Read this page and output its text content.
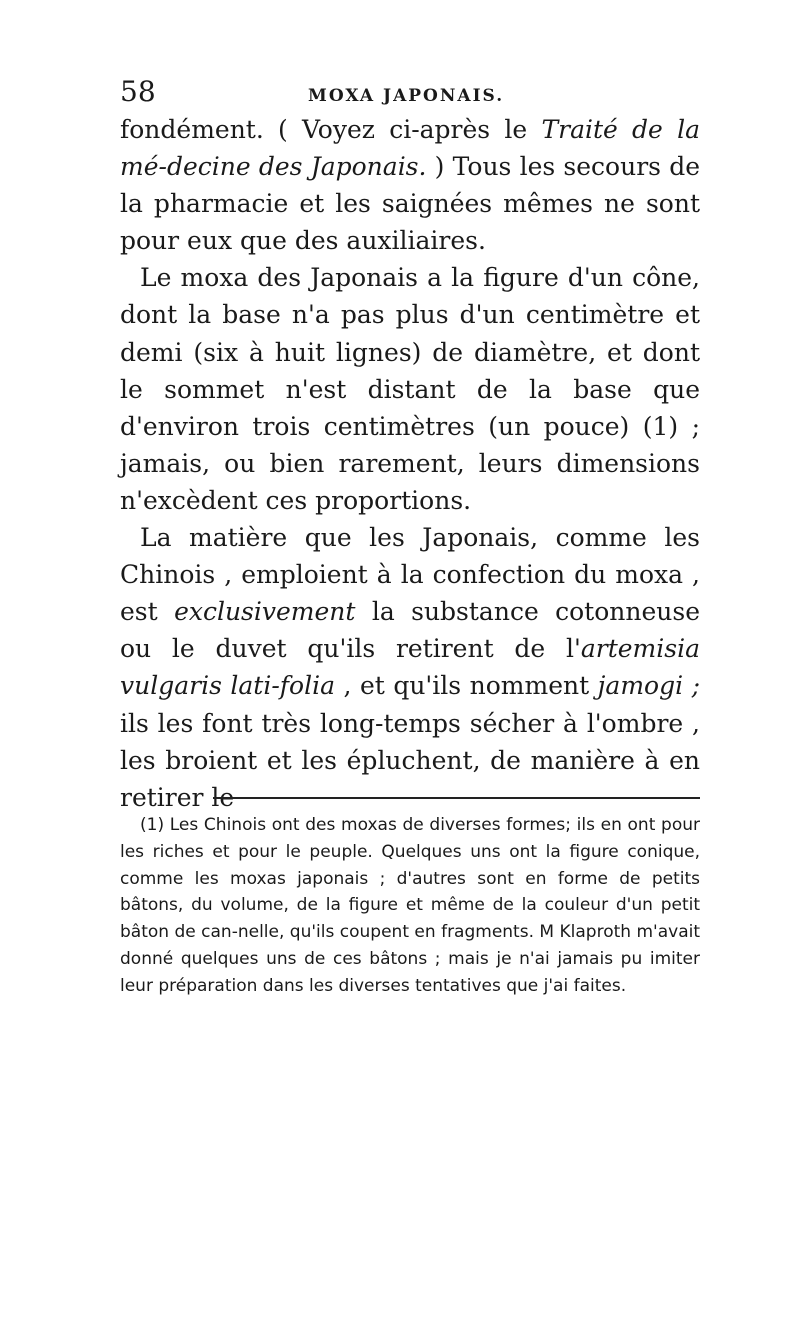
58	MOXA JAPONAIS.

fondément. ( Voyez ci-après le Traité de la mé-decine des Japonais. ) Tous les secours de la pharmacie et les saignées mêmes ne sont pour eux que des auxiliaires.

Le moxa des Japonais a la figure d'un cône, dont la base n'a pas plus d'un centimètre et demi (six à huit lignes) de diamètre, et dont le sommet n'est distant de la base que d'environ trois centimètres (un pouce) (1) ; jamais, ou bien rarement, leurs dimensions n'excèdent ces proportions.

La matière que les Japonais, comme les Chinois , emploient à la confection du moxa , est exclusivement la substance cotonneuse ou le duvet qu'ils retirent de l'artemisia vulgaris lati-folia , et qu'ils nomment jamogi ; ils les font très long-temps sécher à l'ombre , les broient et les épluchent, de manière à en retirer le

(1) Les Chinois ont des moxas de diverses formes; ils en ont pour les riches et pour le peuple. Quelques uns ont la figure conique, comme les moxas japonais ; d'autres sont en forme de petits bâtons, du volume, de la figure et même de la couleur d'un petit bâton de can-nelle, qu'ils coupent en fragments. M Klaproth m'avait donné quelques uns de ces bâtons ; mais je n'ai jamais pu imiter leur préparation dans les diverses tentatives que j'ai faites.
